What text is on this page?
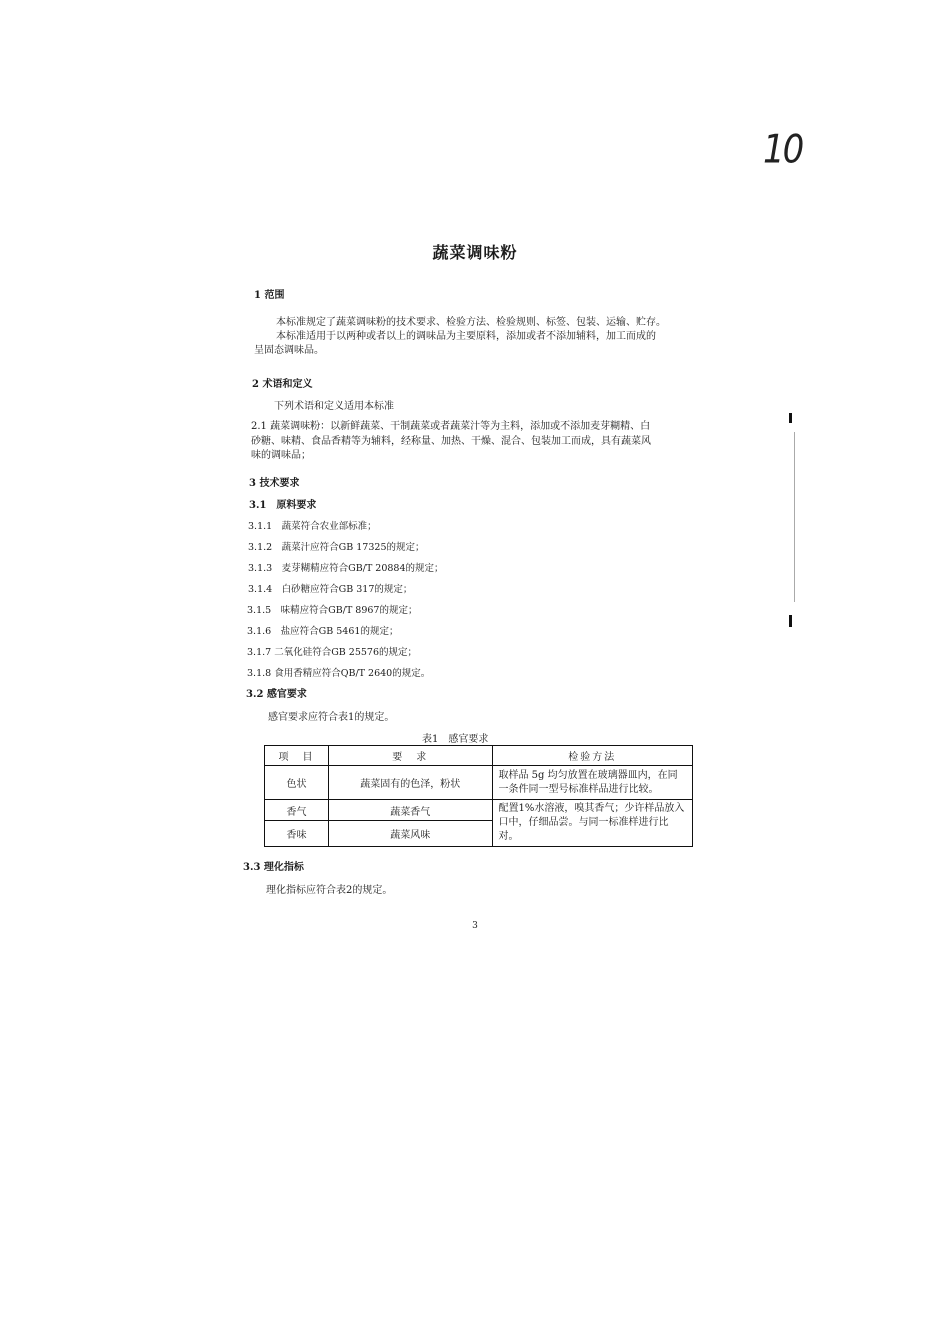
10
蔬菜调味粉
1 范围
本标准规定了蔬菜调味粉的技术要求、检验方法、检验规则、标签、包装、运输、贮存。
本标准适用于以两种或者以上的调味品为主要原料，添加或者不添加辅料，加工而成的
呈固态调味品。
2 术语和定义
下列术语和定义适用本标准
2.1 蔬菜调味粉：以新鲜蔬菜、干制蔬菜或者蔬菜汁等为主料，添加或不添加麦芽糊精、白
砂糖、味精、食品香精等为辅料，经称量、加热、干燥、混合、包装加工而成，具有蔬菜风
味的调味品；
3 技术要求
3.1　原料要求
3.1.1　蔬菜符合农业部标准；
3.1.2　蔬菜汁应符合GB 17325的规定；
3.1.3　麦芽糊精应符合GB/T 20884的规定；
3.1.4　白砂糖应符合GB 317的规定；
3.1.5　味精应符合GB/T 8967的规定；
3.1.6　盐应符合GB 5461的规定；
3.1.7 二氧化硅符合GB 25576的规定；
3.1.8 食用香精应符合QB/T 2640的规定。
3.2 感官要求
感官要求应符合表1的规定。
表1　感官要求
项　目	要　求	检验方法
色状	蔬菜固有的色泽，粉状	取样品 5g 均匀放置在玻璃器皿内，在同一条件同一型号标准样品进行比较。
香气	蔬菜香气	配置1%水溶液，嗅其香气；少许样品放入口中，仔细品尝。与同一标准样进行比对。
香味	蔬菜风味	
3.3 理化指标
理化指标应符合表2的规定。
3
